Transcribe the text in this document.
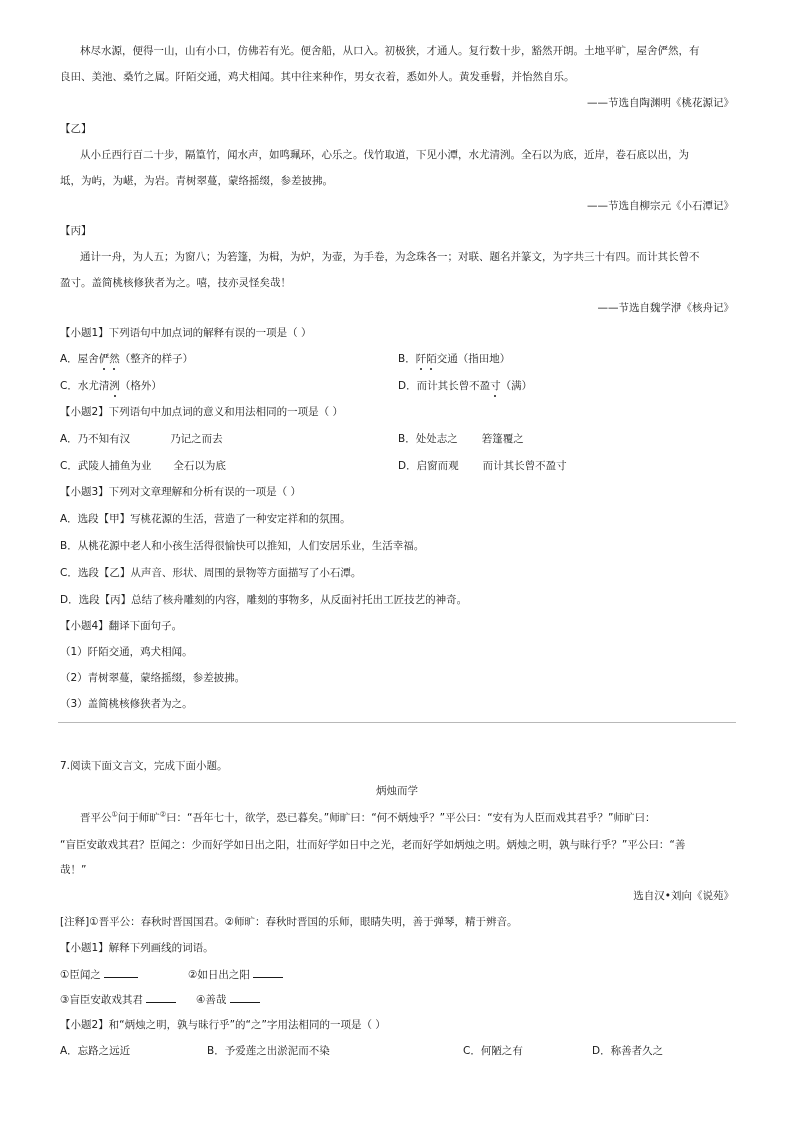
林尽水源，便得一山，山有小口，仿佛若有光。便舍船，从口入。初极狭，才通人。复行数十步，豁然开朗。土地平旷，屋舍俨然，有
良田、美池、桑竹之属。阡陌交通，鸡犬相闻。其中往来种作，男女衣着，悉如外人。黄发垂髫，并怡然自乐。
——节选自陶渊明《桃花源记》
【乙】
从小丘西行百二十步，隔篁竹，闻水声，如鸣珮环，心乐之。伐竹取道，下见小潭，水尤清洌。全石以为底，近岸，卷石底以出，为
坻，为屿，为嵁，为岩。青树翠蔓，蒙络摇缀，参差披拂。
——节选自柳宗元《小石潭记》
【丙】
通计一舟，为人五；为窗八；为箬篷，为楫，为炉，为壶，为手卷，为念珠各一；对联、题名并篆文，为字共三十有四。而计其长曾不
盈寸。盖简桃核修狭者为之。嘻，技亦灵怪矣哉！
——节选自魏学洢《核舟记》
【小题1】下列语句中加点词的解释有误的一项是（ ）
A．屋舍俨然（整齐的样子）	B．阡陌交通（指田地）
C．水尤清洌（格外）	D．而计其长曾不盈寸（满）
【小题2】下列语句中加点词的意义和用法相同的一项是（ ）
A．乃不知有汉	乃记之而去	B．处处志之 箬篷覆之
C．武陵人捕鱼为业 全石以为底	D．启窗而观 而计其长曾不盈寸
【小题3】下列对文章理解和分析有误的一项是（ ）
A．选段【甲】写桃花源的生活，营造了一种安定祥和的氛围。
B．从桃花源中老人和小孩生活得很愉快可以推知，人们安居乐业，生活幸福。
C．选段【乙】从声音、形状、周围的景物等方面描写了小石潭。
D．选段【丙】总结了核舟雕刻的内容，雕刻的事物多，从反面衬托出工匠技艺的神奇。
【小题4】翻译下面句子。
（1）阡陌交通，鸡犬相闻。
（2）青树翠蔓，蒙络摇缀，参差披拂。
（3）盖简桃核修狭者为之。
7.阅读下面文言文，完成下面小题。
炳烛而学
晋平公①问于师旷②曰：“吾年七十，欲学，恐已暮矣。”师旷曰：“何不炳烛乎？”平公曰：“安有为人臣而戏其君乎？”师旷曰：
“盲臣安敢戏其君？臣闻之：少而好学如日出之阳，壮而好学如日中之光，老而好学如炳烛之明。炳烛之明，孰与昧行乎？”平公曰：“善
哉！”
选自汉•刘向《说苑》
[注释]①晋平公：春秋时晋国国君。②师旷：春秋时晋国的乐师，眼睛失明，善于弹琴，精于辨音。
【小题1】解释下列画线的词语。
①臣闻之	②如日出之阳
③盲臣安敢戏其君	④善哉
【小题2】和“炳烛之明，孰与昧行乎”的“之”字用法相同的一项是（ ）
A．忘路之远近	B．予爱莲之出淤泥而不染	C．何陋之有	D．称善者久之
